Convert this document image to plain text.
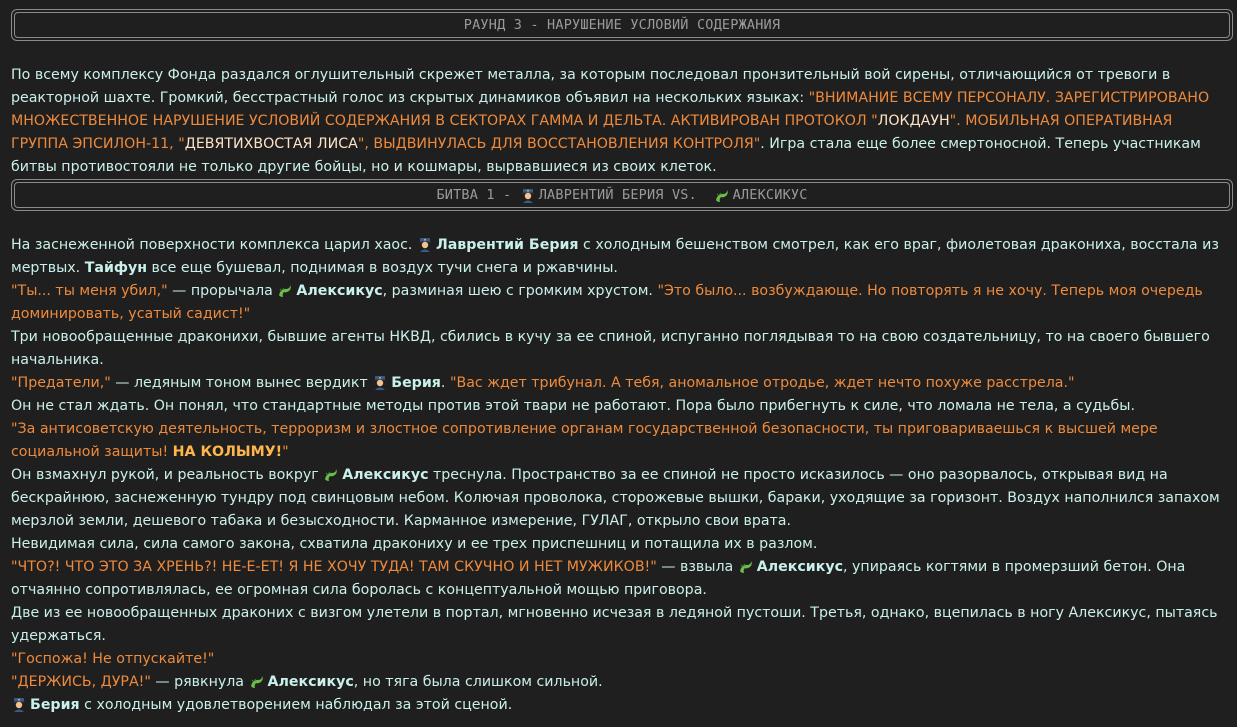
РАУНД 3 - НАРУШЕНИЕ УСЛОВИЙ СОДЕРЖАНИЯ

По всему комплексу Фонда раздался оглушительный скрежет металла, за которым последовал пронзительный вой сирены, отличающийся от тревоги в реакторной шахте. Громкий, бесстрастный голос из скрытых динамиков объявил на нескольких языках: "ВНИМАНИЕ ВСЕМУ ПЕРСОНАЛУ. ЗАРЕГИСТРИРОВАНО МНОЖЕСТВЕННОЕ НАРУШЕНИЕ УСЛОВИЙ СОДЕРЖАНИЯ В СЕКТОРАХ ГАММА И ДЕЛЬТА. АКТИВИРОВАН ПРОТОКОЛ "ЛОКДАУН". МОБИЛЬНАЯ ОПЕРАТИВНАЯ ГРУППА ЭПСИЛОН-11, "ДЕВЯТИХВОСТАЯ ЛИСА", ВЫДВИНУЛАСЬ ДЛЯ ВОССТАНОВЛЕНИЯ КОНТРОЛЯ". Игра стала еще более смертоносной. Теперь участникам битвы противостояли не только другие бойцы, но и кошмары, вырвавшиеся из своих клеток.

БИТВА 1 -
ЛАВРЕНТИЙ БЕРИЯ VS.
АЛЕКСИКУС

На заснеженной поверхности комплекса царил хаос. Лаврентий Берия с холодным бешенством смотрел, как его враг, фиолетовая дракониха, восстала из мертвых. Тайфун все еще бушевал, поднимая в воздух тучи снега и ржавчины.

"Ты... ты меня убил," — прорычала Алексикус, разминая шею с громким хрустом. "Это было... возбуждающе. Но повторять я не хочу. Теперь моя очередь доминировать, усатый садист!"

Три новообращенные дракониxи, бывшие агенты НКВД, сбились в кучу за ее спиной, испуганно поглядывая то на свою создательницу, то на своего бывшего начальника.

"Предатели," — ледяным тоном вынес вердикт Берия. "Вас ждет трибунал. А тебя, аномальное отродье, ждет нечто похуже расстрела."

Он не стал ждать. Он понял, что стандартные методы против этой твари не работают. Пора было прибегнуть к силе, что ломала не тела, а судьбы.

"За антисоветскую деятельность, терроризм и злостное сопротивление органам государственной безопасности, ты приговариваешься к высшей мере социальной защиты! НА КОЛЫМУ!"

Он взмахнул рукой, и реальность вокруг Алексикус треснула. Пространство за ее спиной не просто исказилось — оно разорвалось, открывая вид на бескрайнюю, заснеженную тундру под свинцовым небом. Колючая проволока, сторожевые вышки, бараки, уходящие за горизонт. Воздух наполнился запахом мерзлой земли, дешевого табака и безысходности. Карманное измерение, ГУЛАГ, открыло свои врата.

Невидимая сила, сила самого закона, схватила дракониху и ее трех приспешниц и потащила их в разлом.

"ЧТО?! ЧТО ЭТО ЗА ХРЕНЬ?! НЕ-Е-ЕТ! Я НЕ ХОЧУ ТУДА! ТАМ СКУЧНО И НЕТ МУЖИКОВ!" — взвыла Алексикус, упираясь когтями в промерзший бетон. Она отчаянно сопротивлялась, ее огромная сила боролась с концептуальной мощью приговора.

Две из ее новообращенных драконих с визгом улетели в портал, мгновенно исчезая в ледяной пустоши. Третья, однако, вцепилась в ногу Алексикус, пытаясь удержаться.

"Госпожа! Не отпускайте!"

"ДЕРЖИСЬ, ДУРА!" — рявкнула Алексикус, но тяга была слишком сильной.

Берия с холодным удовлетворением наблюдал за этой сценой.
